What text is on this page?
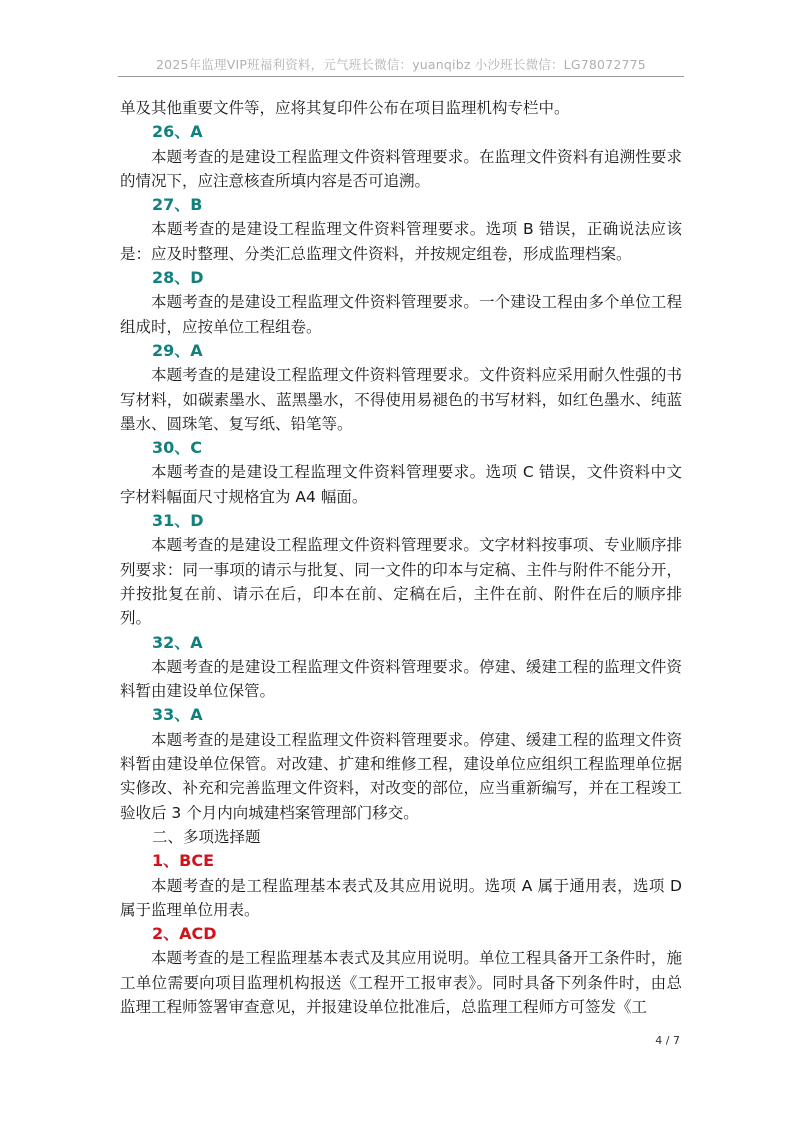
2025年监理VIP班福利资料，元气班长微信：yuanqibz 小沙班长微信：LG78072775

单及其他重要文件等，应将其复印件公布在项目监理机构专栏中。

26、A

本题考查的是建设工程监理文件资料管理要求。在监理文件资料有追溯性要求的情况下，应注意核查所填内容是否可追溯。

27、B

本题考查的是建设工程监理文件资料管理要求。选项 B 错误，正确说法应该是：应及时整理、分类汇总监理文件资料，并按规定组卷，形成监理档案。

28、D

本题考查的是建设工程监理文件资料管理要求。一个建设工程由多个单位工程组成时，应按单位工程组卷。

29、A

本题考查的是建设工程监理文件资料管理要求。文件资料应采用耐久性强的书写材料，如碳素墨水、蓝黑墨水，不得使用易褪色的书写材料，如红色墨水、纯蓝墨水、圆珠笔、复写纸、铅笔等。

30、C

本题考查的是建设工程监理文件资料管理要求。选项 C 错误，文件资料中文字材料幅面尺寸规格宜为 A4 幅面。

31、D

本题考查的是建设工程监理文件资料管理要求。文字材料按事项、专业顺序排列要求：同一事项的请示与批复、同一文件的印本与定稿、主件与附件不能分开，并按批复在前、请示在后，印本在前、定稿在后，主件在前、附件在后的顺序排列。

32、A

本题考查的是建设工程监理文件资料管理要求。停建、缓建工程的监理文件资料暂由建设单位保管。

33、A

本题考查的是建设工程监理文件资料管理要求。停建、缓建工程的监理文件资料暂由建设单位保管。对改建、扩建和维修工程，建设单位应组织工程监理单位据实修改、补充和完善监理文件资料，对改变的部位，应当重新编写，并在工程竣工验收后 3 个月内向城建档案管理部门移交。

二、多项选择题

1、BCE

本题考查的是工程监理基本表式及其应用说明。选项 A 属于通用表，选项 D 属于监理单位用表。

2、ACD

本题考查的是工程监理基本表式及其应用说明。单位工程具备开工条件时，施工单位需要向项目监理机构报送《工程开工报审表》。同时具备下列条件时，由总监理工程师签署审查意见，并报建设单位批准后，总监理工程师方可签发《工

4 / 7
